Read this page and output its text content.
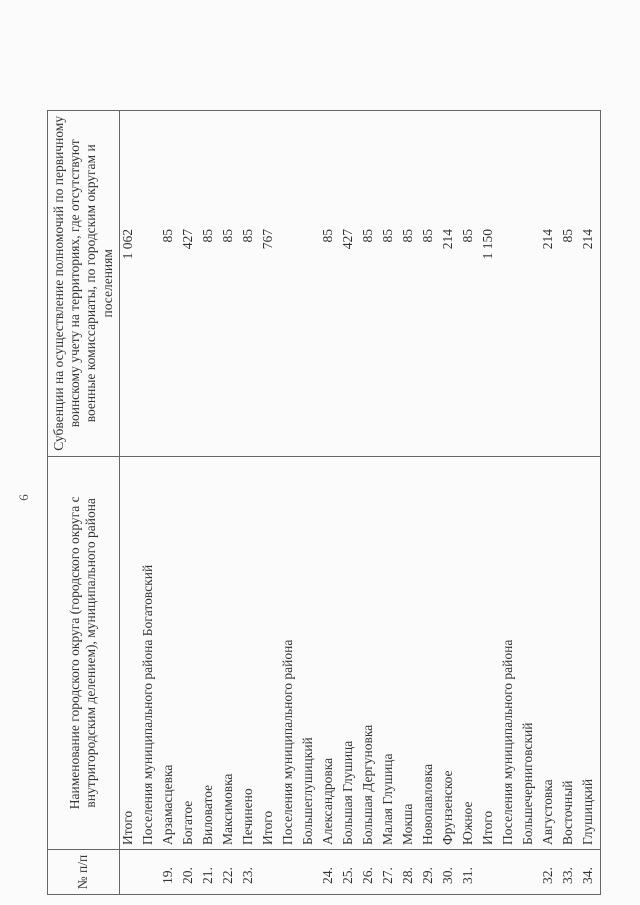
6
№ п/п	Наименование городского округа (городского округа с внутригородским делением), муниципального района	Субвенции на осуществление полномочий по первичному воинскому учету на территориях, где отсутствуют военные комиссариаты, по городским округам и поселениям
	Итого	1 062
	Поселения муниципального района Богатовский	
19.	Арзамасцевка	85
20.	Богатое	427
21.	Виловатое	85
22.	Максимовка	85
23.	Печинено	85
	Итого	767
	Поселения муниципального района	
	Большеглушицкий	
24.	Александровка	85
25.	Большая Глушица	427
26.	Большая Дергуновка	85
27.	Малая Глушица	85
28.	Мокша	85
29.	Новопавловка	85
30.	Фрунзенское	214
31.	Южное	85
	Итого	1 150
	Поселения муниципального района	
	Большечерниговский	
32.	Августовка	214
33.	Восточный	85
34.	Глушицкий	214
